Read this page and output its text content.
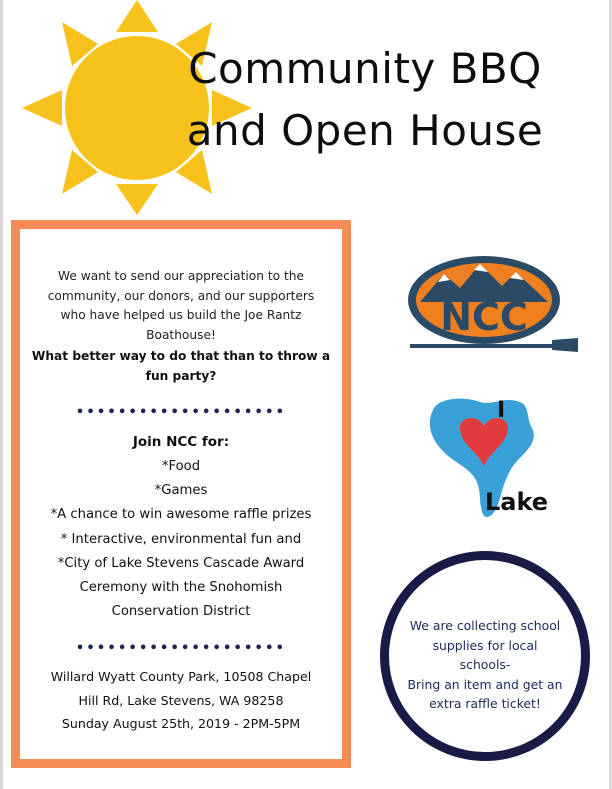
Community BBQ
and Open House
We want to send our appreciation to the
community, our donors, and our supporters
who have helped us build the Joe Rantz
Boathouse!
What better way to do that than to throw a
fun party?
••••••••••••••••••••
Join NCC for:
*Food
*Games
*A chance to win awesome raffle prizes
* Interactive, environmental fun and
*City of Lake Stevens Cascade Award
Ceremony with the Snohomish
Conservation District
••••••••••••••••••••
Willard Wyatt County Park, 10508 Chapel
Hill Rd, Lake Stevens, WA 98258
Sunday August 25th, 2019 - 2PM-5PM
NCC
I
Lake
We are collecting school
supplies for local schools-
Bring an item and get an
extra raffle ticket!
